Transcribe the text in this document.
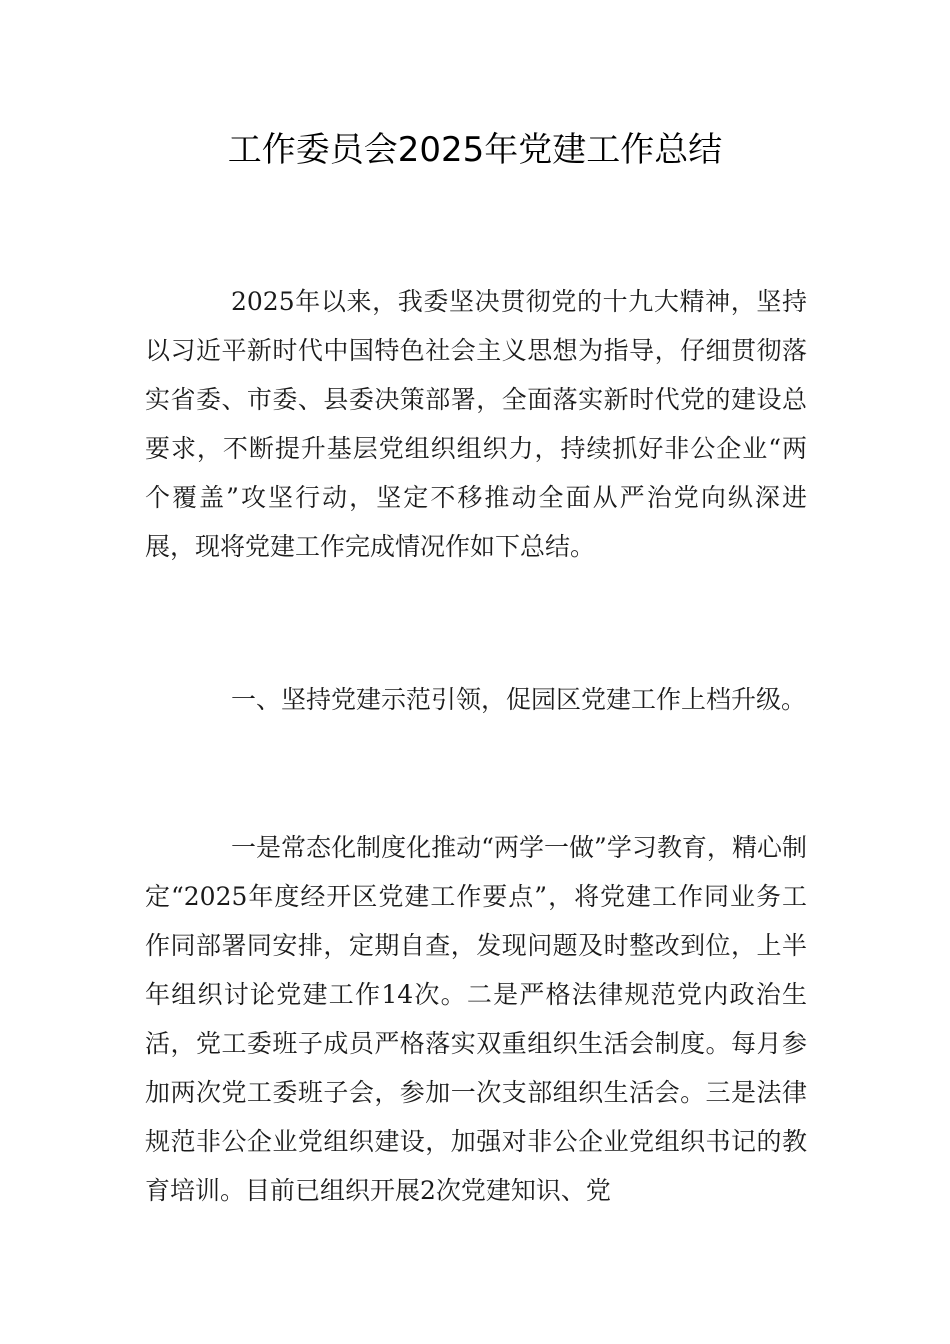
工作委员会2025年党建工作总结

2025年以来，我委坚决贯彻党的十九大精神，坚持以习近平新时代中国特色社会主义思想为指导，仔细贯彻落实省委、市委、县委决策部署，全面落实新时代党的建设总要求，不断提升基层党组织组织力，持续抓好非公企业“两个覆盖”攻坚行动，坚定不移推动全面从严治党向纵深进展，现将党建工作完成情况作如下总结。

一、坚持党建示范引领，促园区党建工作上档升级。

一是常态化制度化推动“两学一做”学习教育，精心制定“2025年度经开区党建工作要点”，将党建工作同业务工作同部署同安排，定期自查，发现问题及时整改到位，上半年组织讨论党建工作14次。二是严格法律规范党内政治生活，党工委班子成员严格落实双重组织生活会制度。每月参加两次党工委班子会，参加一次支部组织生活会。三是法律规范非公企业党组织建设，加强对非公企业党组织书记的教育培训。目前已组织开展2次党建知识、党
